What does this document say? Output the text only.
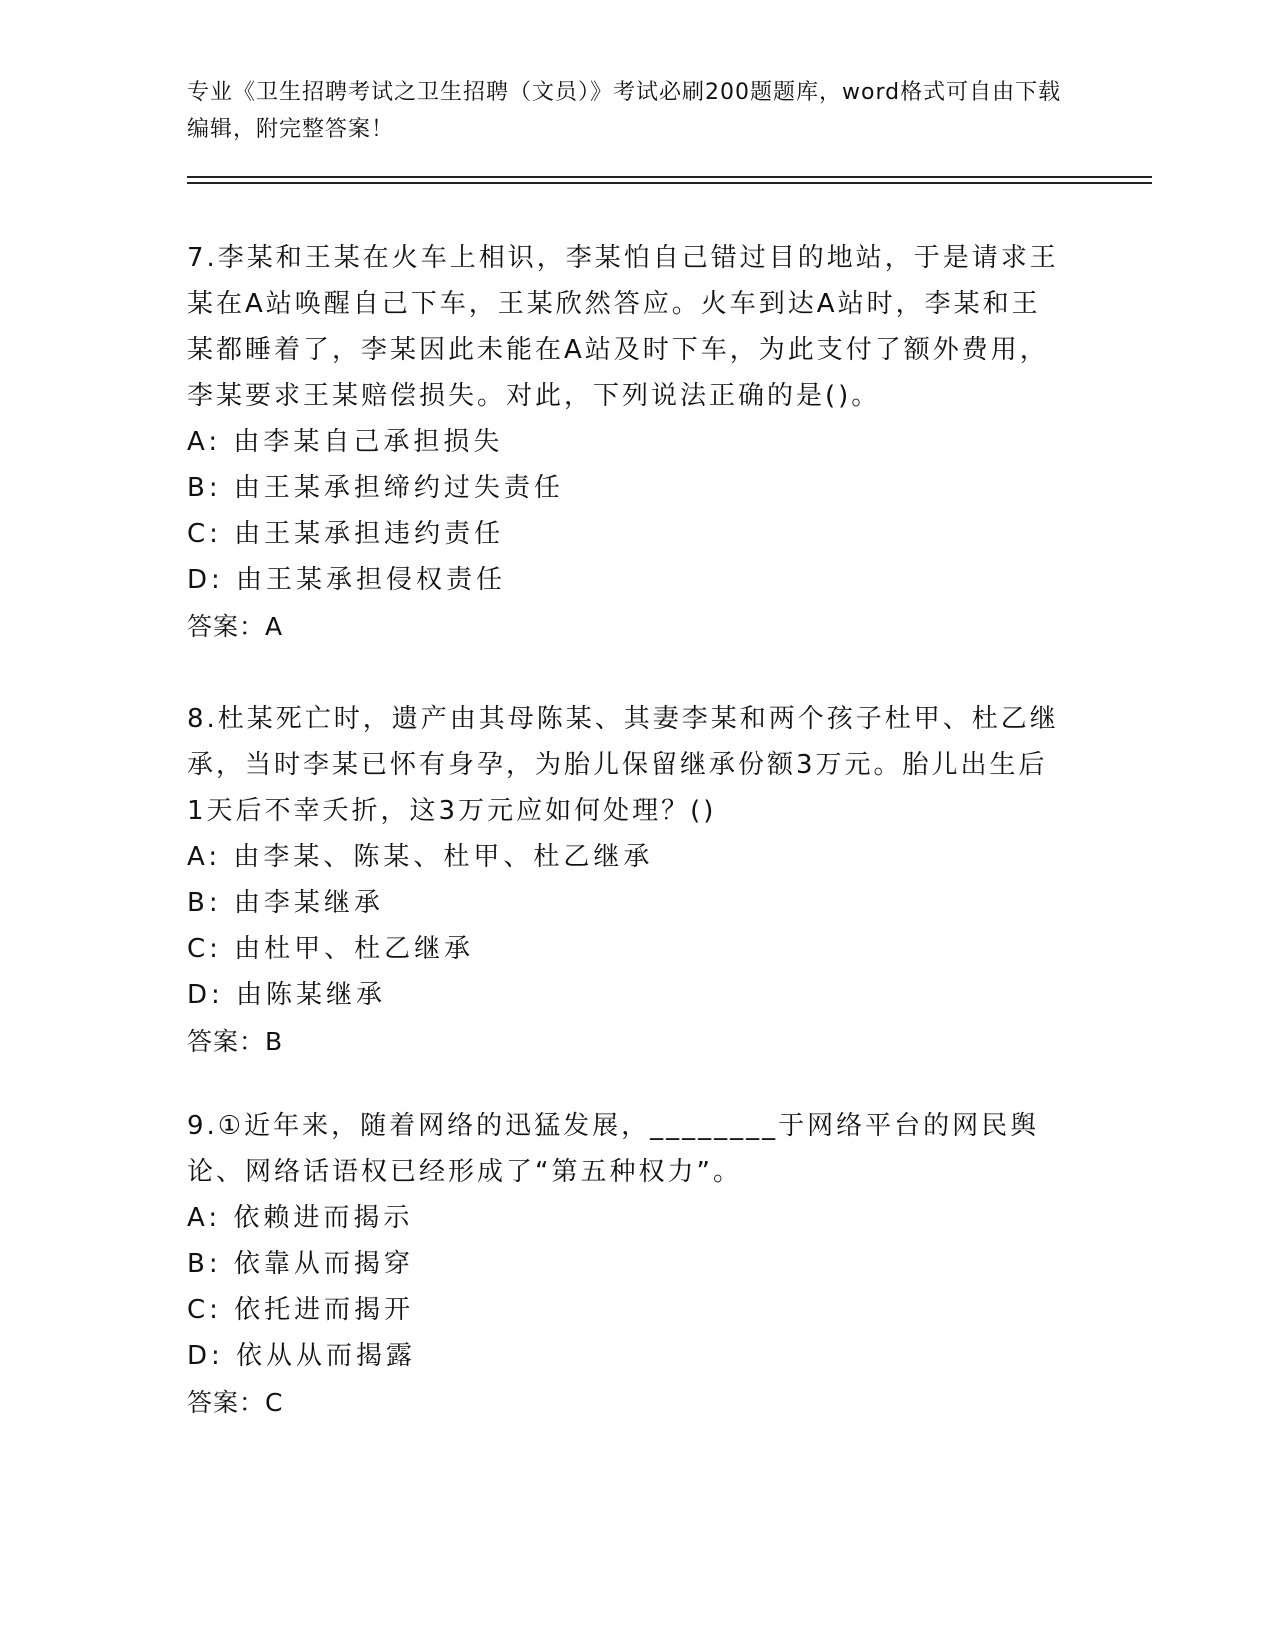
专业《卫生招聘考试之卫生招聘（文员）》考试必刷200题题库，word格式可自由下载编辑，附完整答案！
7.李某和王某在火车上相识，李某怕自己错过目的地站，于是请求王某在A站唤醒自己下车，王某欣然答应。火车到达A站时，李某和王某都睡着了，李某因此未能在A站及时下车，为此支付了额外费用，李某要求王某赔偿损失。对此，下列说法正确的是()。
A: 由李某自己承担损失
B: 由王某承担缔约过失责任
C: 由王某承担违约责任
D: 由王某承担侵权责任
答案：A
8.杜某死亡时，遗产由其母陈某、其妻李某和两个孩子杜甲、杜乙继承，当时李某已怀有身孕，为胎儿保留继承份额3万元。胎儿出生后1天后不幸夭折，这3万元应如何处理？()
A: 由李某、陈某、杜甲、杜乙继承
B: 由李某继承
C: 由杜甲、杜乙继承
D: 由陈某继承
答案：B
9.①近年来，随着网络的迅猛发展，________于网络平台的网民舆论、网络话语权已经形成了“第五种权力”。
A: 依赖进而揭示
B: 依靠从而揭穿
C: 依托进而揭开
D: 依从从而揭露
答案：C
